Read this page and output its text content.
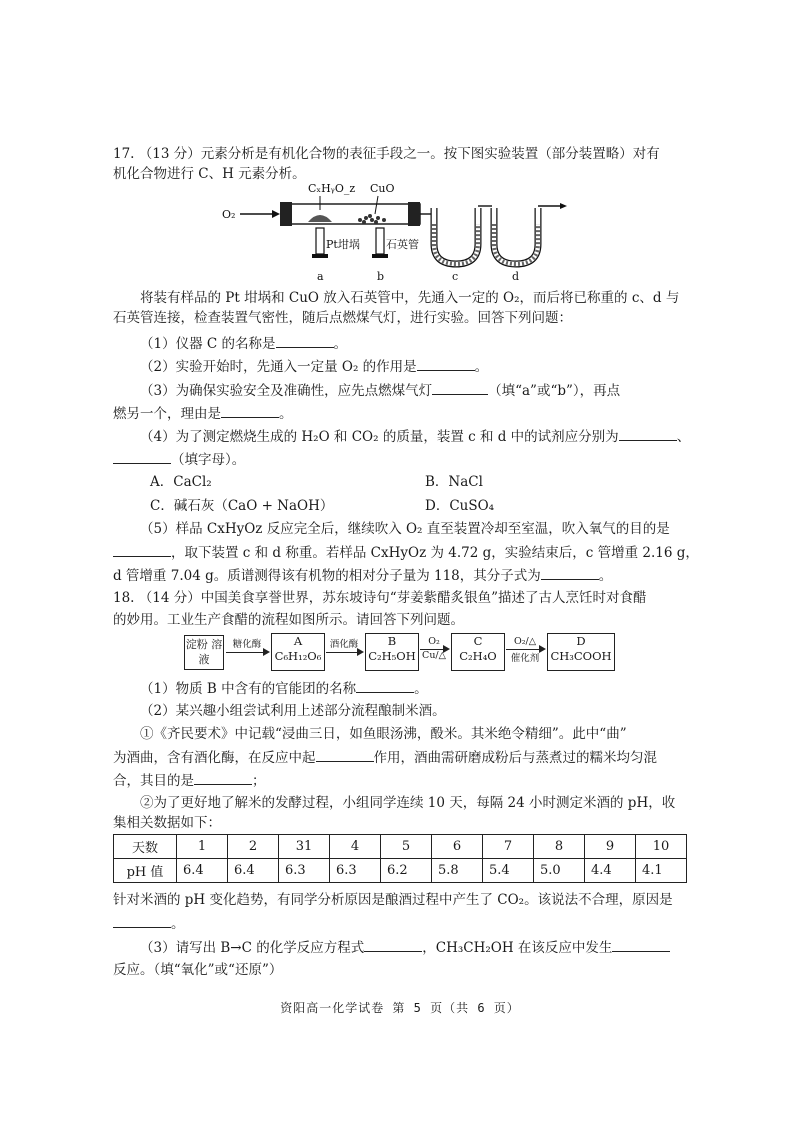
17. （13 分）元素分析是有机化合物的表征手段之一。按下图实验装置（部分装置略）对有
机化合物进行 C、H 元素分析。
O₂
CₓHᵧO_z CuO
Pt坩埚 石英管
a	b	c	d
将装有样品的 Pt 坩埚和 CuO 放入石英管中，先通入一定的 O₂，而后将已称重的 c、d 与
石英管连接，检查装置气密性，随后点燃煤气灯，进行实验。回答下列问题：
（1）仪器 C 的名称是	。
（2）实验开始时，先通入一定量 O₂ 的作用是	。
（3）为确保实验安全及准确性，应先点燃煤气灯	（填“a”或“b”），再点
燃另一个，理由是	。
（4）为了测定燃烧生成的 H₂O 和 CO₂ 的质量，装置 c 和 d 中的试剂应分别为	、
（填字母）。
A．CaCl₂	B．NaCl
C．碱石灰（CaO + NaOH）	D．CuSO₄
（5）样品 CxHyOz 反应完全后，继续吹入 O₂ 直至装置冷却至室温，吹入氧气的目的是
，取下装置 c 和 d 称重。若样品 CxHyOz 为 4.72 g，实验结束后，c 管增重 2.16 g，
d 管增重 7.04 g。质谱测得该有机物的相对分子量为 118，其分子式为	。
18. （14 分）中国美食享誉世界，苏东坡诗句“芽姜紫醋炙银鱼”描述了古人烹饪时对食醋
的妙用。工业生产食醋的流程如图所示。请回答下列问题。
淀粉 溶液
糖化酶	A
C₆H₁₂O₆
酒化酶	B
C₂H₅OH
O₂
Cu/△
C
C₂H₄O
O₂/△
催化剂
D
CH₃COOH
（1）物质 B 中含有的官能团的名称	。
（2）某兴趣小组尝试利用上述部分流程酿制米酒。
①《齐民要术》中记载“浸曲三日，如鱼眼汤沸，酘米。其米绝令精细”。此中“曲”
为酒曲，含有酒化酶，在反应中起	作用，酒曲需研磨成粉后与蒸煮过的糯米均匀混
合，其目的是	；
②为了更好地了解米的发酵过程，小组同学连续 10 天，每隔 24 小时测定米酒的 pH，收
集相关数据如下：
天数	1	2	31	4	5	6	7	8	9	10
pH 值	6.4	6.4	6.3	6.3	6.2	5.8	5.4	5.0	4.4	4.1
针对米酒的 pH 变化趋势，有同学分析原因是酿酒过程中产生了 CO₂。该说法不合理，原因是
。
（3）请写出 B→C 的化学反应方程式	，CH₃CH₂OH 在该反应中发生
反应。（填“氧化”或“还原”）
资阳高一化学试卷 第 5 页（共 6 页）
